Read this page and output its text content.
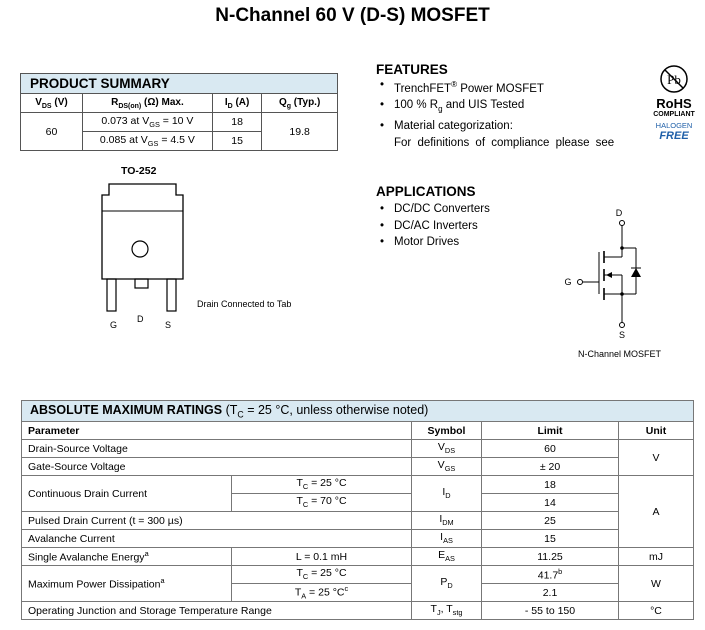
N-Channel 60 V (D-S) MOSFET
PRODUCT SUMMARY			
$V_{DS}$ (V)	$R_{DS(on)}$ (Ω) Max.	$I_D$ (A)	$Q_g$ (Typ.)
60	0.073 at $V_{GS} = 10$ V	18	19.8
	0.085 at $V_{GS} = 4.5$ V	15	
TO-252
Drain Connected to Tab
G
D
S
FEATURES
• TrenchFET® Power MOSFET
• 100 % $R_g$ and UIS Tested
• Material categorization:
For definitions of compliance please see
Pb
RoHS
COMPLIANT
HALOGEN
FREE
APPLICATIONS
• DC/DC Converters
• DC/AC Inverters
• Motor Drives
D
G
S
N-Channel MOSFET
ABSOLUTE MAXIMUM RATINGS ($T_C = 25$ °C, unless otherwise noted)				
Parameter		Symbol	Limit	Unit
Drain-Source Voltage		$V_{DS}$	60	V
Gate-Source Voltage		$V_{GS}$	± 20	
Continuous Drain Current	$T_C = 25$ °C	$I_D$	18	A
	$T_C = 70$ °C		14	
Pulsed Drain Current (t = 300 µs)		$I_{DM}$	25	
Avalanche Current		$I_{AS}$	15	
Single Avalanche Energy$^a$	L = 0.1 mH	$E_{AS}$	11.25	mJ
Maximum Power Dissipation$^a$	$T_C = 25$ °C	$P_D$	41.7$^b$	W
	$T_A = 25$ $^\circ C^c$		2.1	
Operating Junction and Storage Temperature Range		$T_J$, $T_{stg}$	- 55 to 150	°C
